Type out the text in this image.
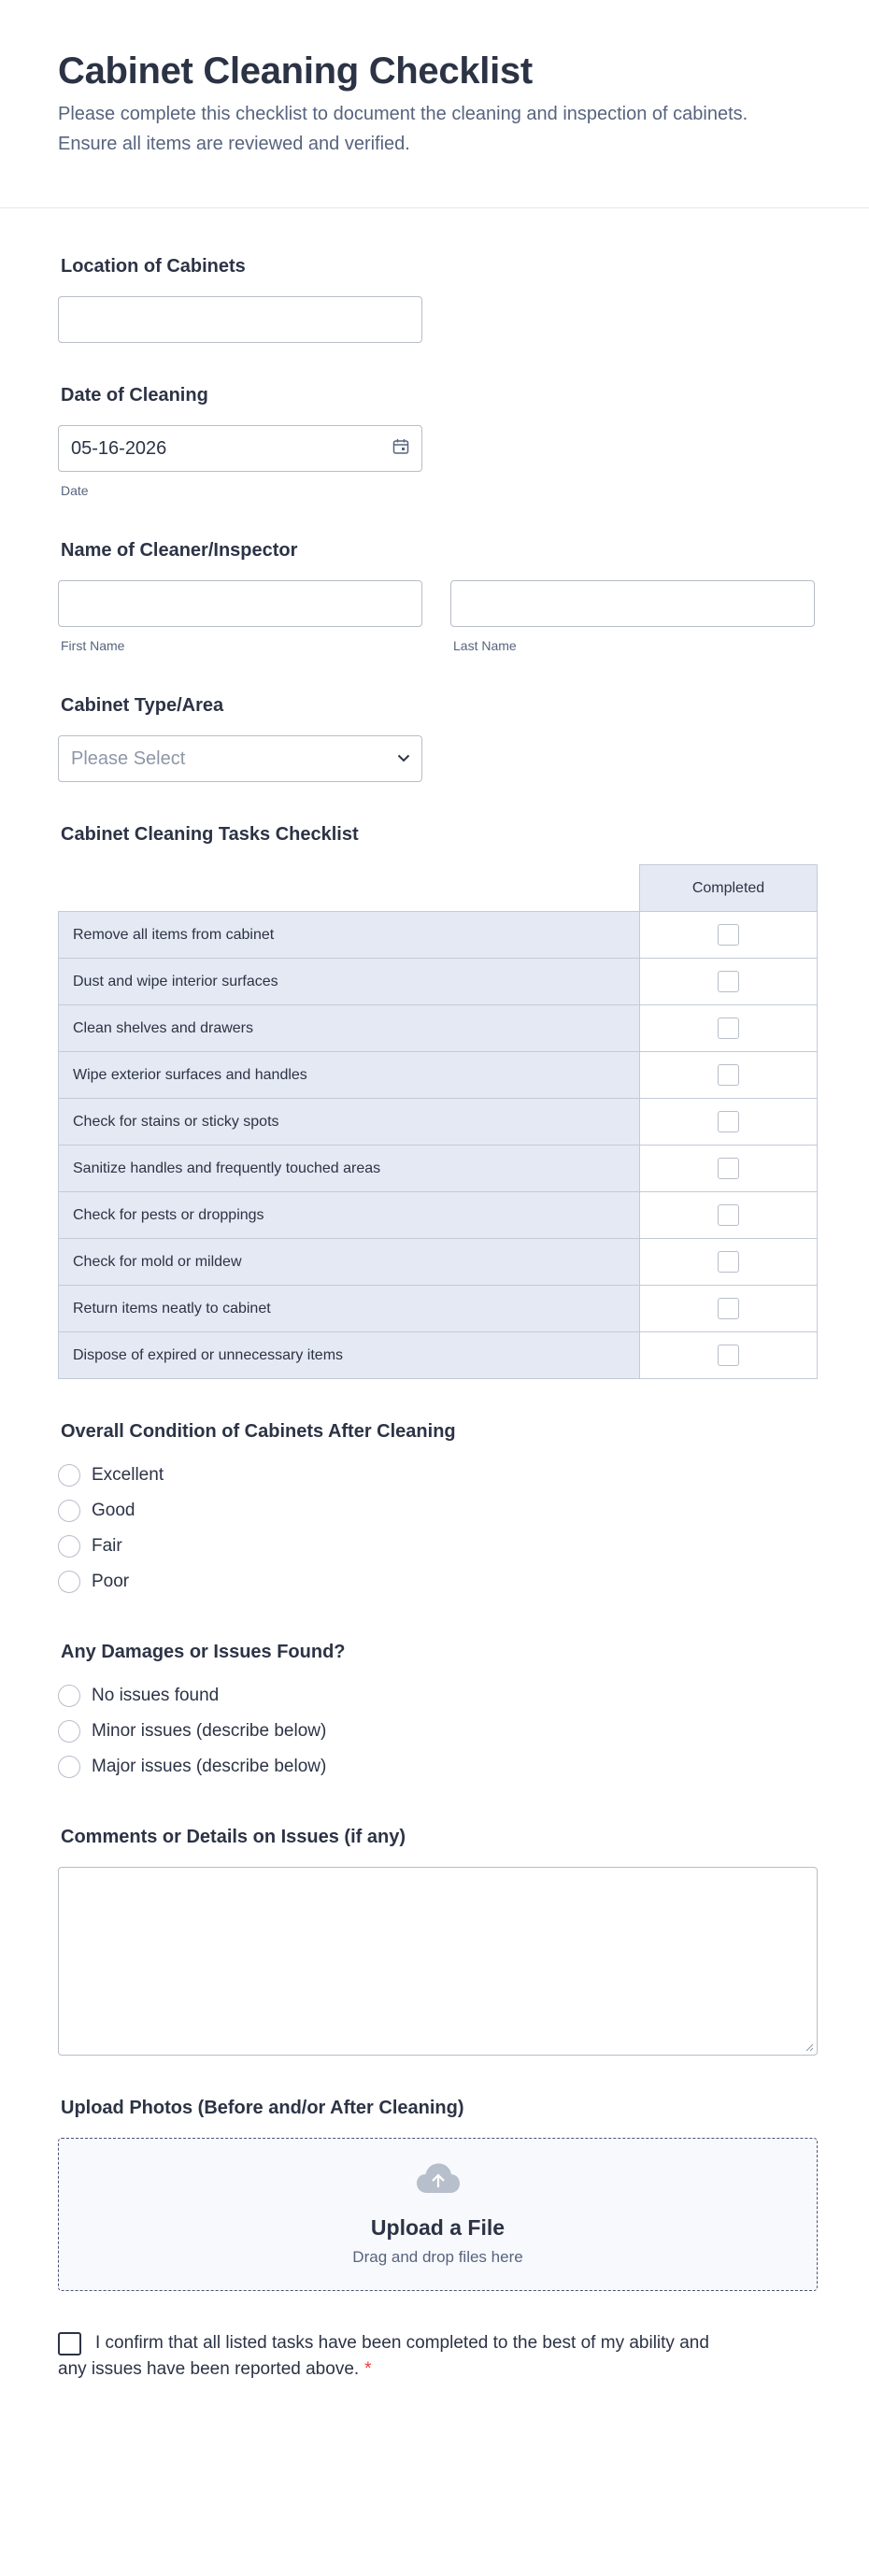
Cabinet Cleaning Checklist

Please complete this checklist to document the cleaning and inspection of cabinets. Ensure all items are reviewed and verified.

Location of Cabinets
Date of Cleaning
05-16-2026
Date
Name of Cleaner/Inspector
First Name	Last Name
Cabinet Type/Area
Please Select
Cabinet Cleaning Tasks Checklist
	Completed
Remove all items from cabinet	
Dust and wipe interior surfaces	
Clean shelves and drawers	
Wipe exterior surfaces and handles	
Check for stains or sticky spots	
Sanitize handles and frequently touched areas	
Check for pests or droppings	
Check for mold or mildew	
Return items neatly to cabinet	
Dispose of expired or unnecessary items	
Overall Condition of Cabinets After Cleaning
Excellent
Good
Fair
Poor
Any Damages or Issues Found?
No issues found
Minor issues (describe below)
Major issues (describe below)
Comments or Details on Issues (if any)
Upload Photos (Before and/or After Cleaning)
Upload a File
Drag and drop files here
I confirm that all listed tasks have been completed to the best of my ability and any issues have been reported above. *
